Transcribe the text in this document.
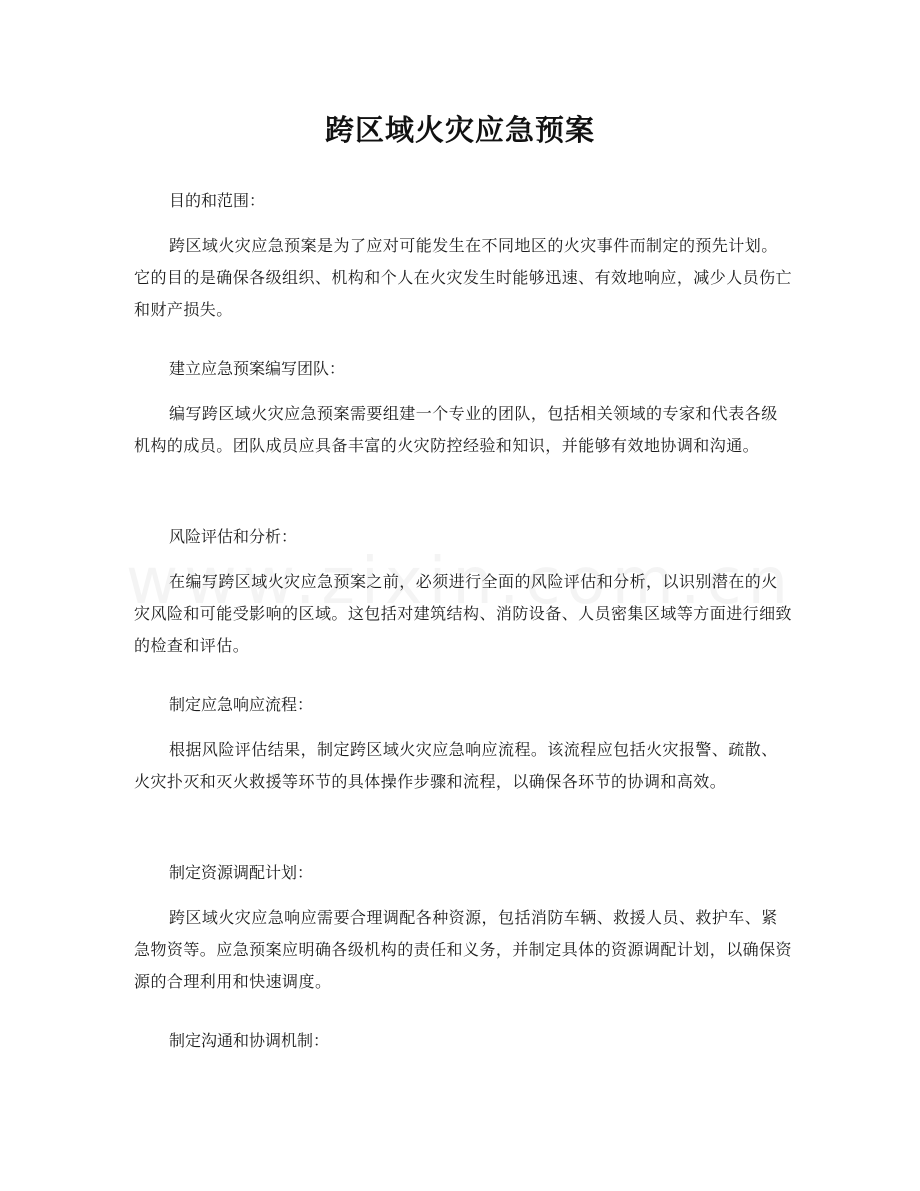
跨区域火灾应急预案
目的和范围：
跨区域火灾应急预案是为了应对可能发生在不同地区的火灾事件而制定的预先计划。它的目的是确保各级组织、机构和个人在火灾发生时能够迅速、有效地响应，减少人员伤亡和财产损失。
建立应急预案编写团队：
编写跨区域火灾应急预案需要组建一个专业的团队，包括相关领域的专家和代表各级机构的成员。团队成员应具备丰富的火灾防控经验和知识，并能够有效地协调和沟通。
风险评估和分析：
在编写跨区域火灾应急预案之前，必须进行全面的风险评估和分析，以识别潜在的火灾风险和可能受影响的区域。这包括对建筑结构、消防设备、人员密集区域等方面进行细致的检查和评估。
制定应急响应流程：
根据风险评估结果，制定跨区域火灾应急响应流程。该流程应包括火灾报警、疏散、火灾扑灭和灭火救援等环节的具体操作步骤和流程，以确保各环节的协调和高效。
制定资源调配计划：
跨区域火灾应急响应需要合理调配各种资源，包括消防车辆、救援人员、救护车、紧急物资等。应急预案应明确各级机构的责任和义务，并制定具体的资源调配计划，以确保资源的合理利用和快速调度。
制定沟通和协调机制：
